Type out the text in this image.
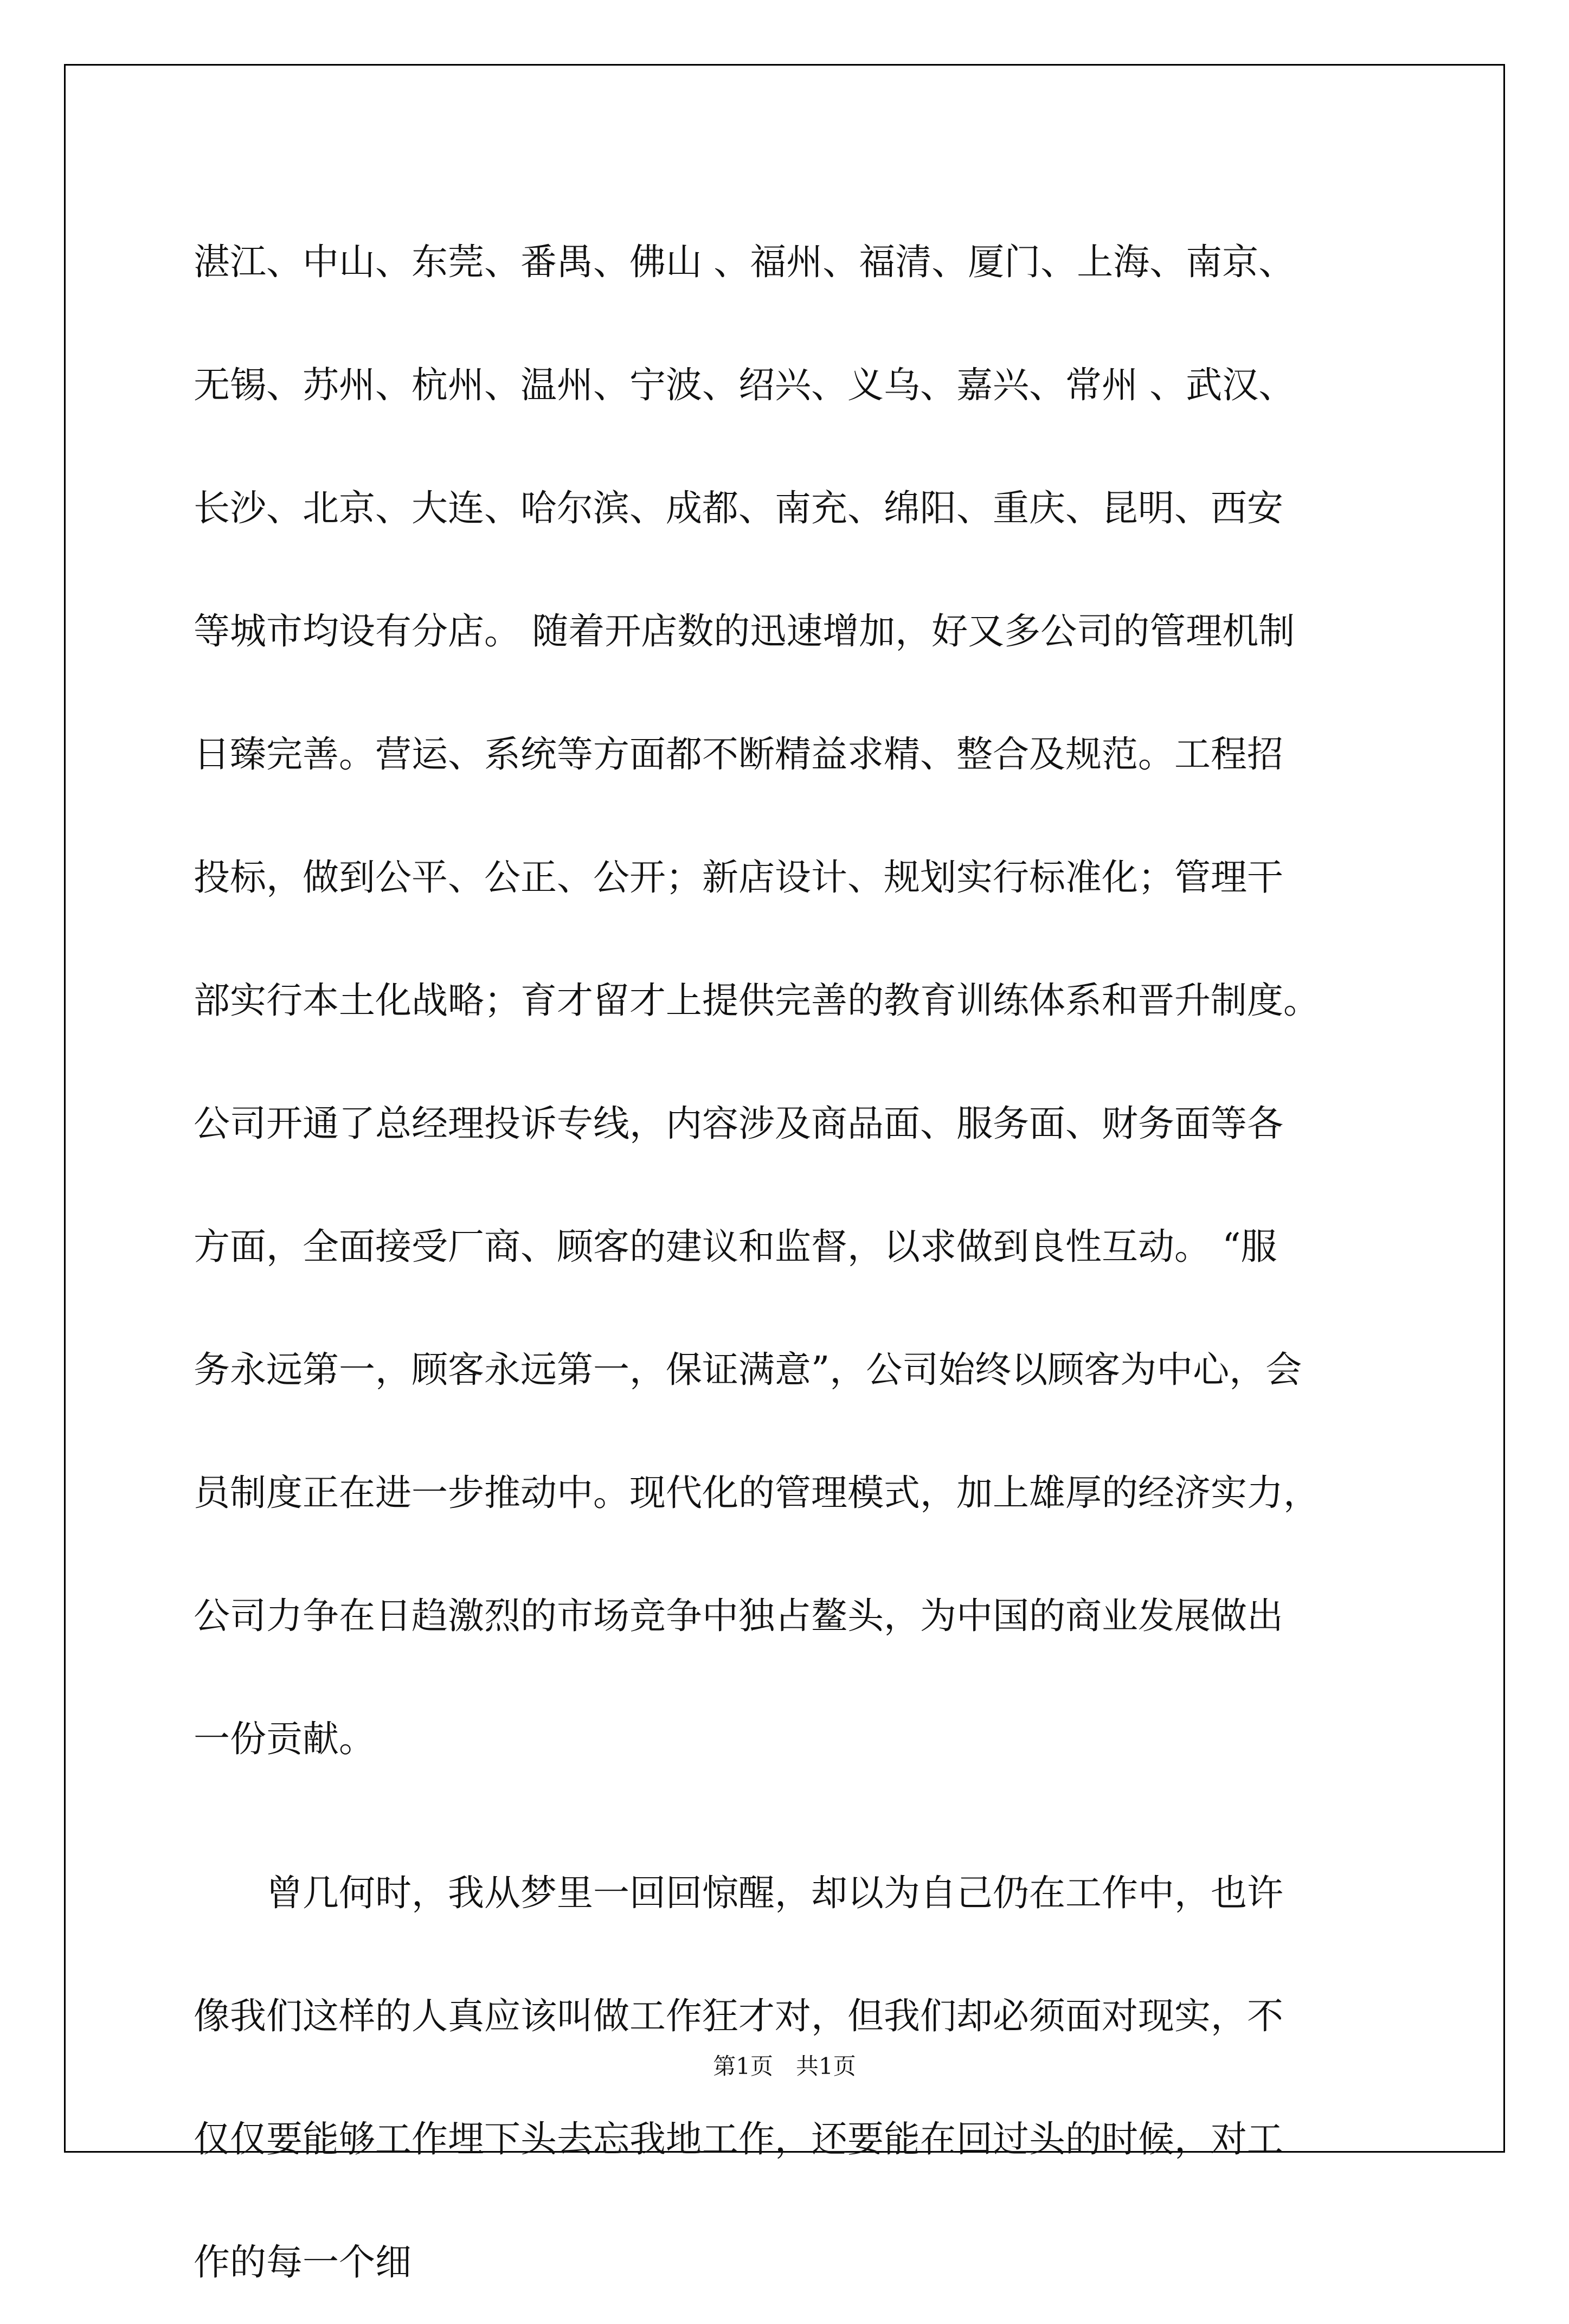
湛江、中山、东莞、番禺、佛山 、福州、福清、厦门、上海、南京、
无锡、苏州、杭州、温州、宁波、绍兴、义乌、嘉兴、常州 、武汉、
长沙、北京、大连、哈尔滨、成都、南充、绵阳、重庆、昆明、西安
等城市均设有分店。 随着开店数的迅速增加，好又多公司的管理机制
日臻完善。营运、系统等方面都不断精益求精、整合及规范。工程招
投标，做到公平、公正、公开；新店设计、规划实行标准化；管理干
部实行本土化战略；育才留才上提供完善的教育训练体系和晋升制度。
公司开通了总经理投诉专线，内容涉及商品面、服务面、财务面等各
方面，全面接受厂商、顾客的建议和监督，以求做到良性互动。 “服
务永远第一，顾客永远第一，保证满意”，公司始终以顾客为中心，会
员制度正在进一步推动中。现代化的管理模式，加上雄厚的经济实力，
公司力争在日趋激烈的市场竞争中独占鳌头，为中国的商业发展做出
一份贡献。
曾几何时，我从梦里一回回惊醒，却以为自己仍在工作中，也许
像我们这样的人真应该叫做工作狂才对，但我们却必须面对现实，不
仅仅要能够工作埋下头去忘我地工作，还要能在回过头的时候，对工
作的每一个细
第1页　共1页
